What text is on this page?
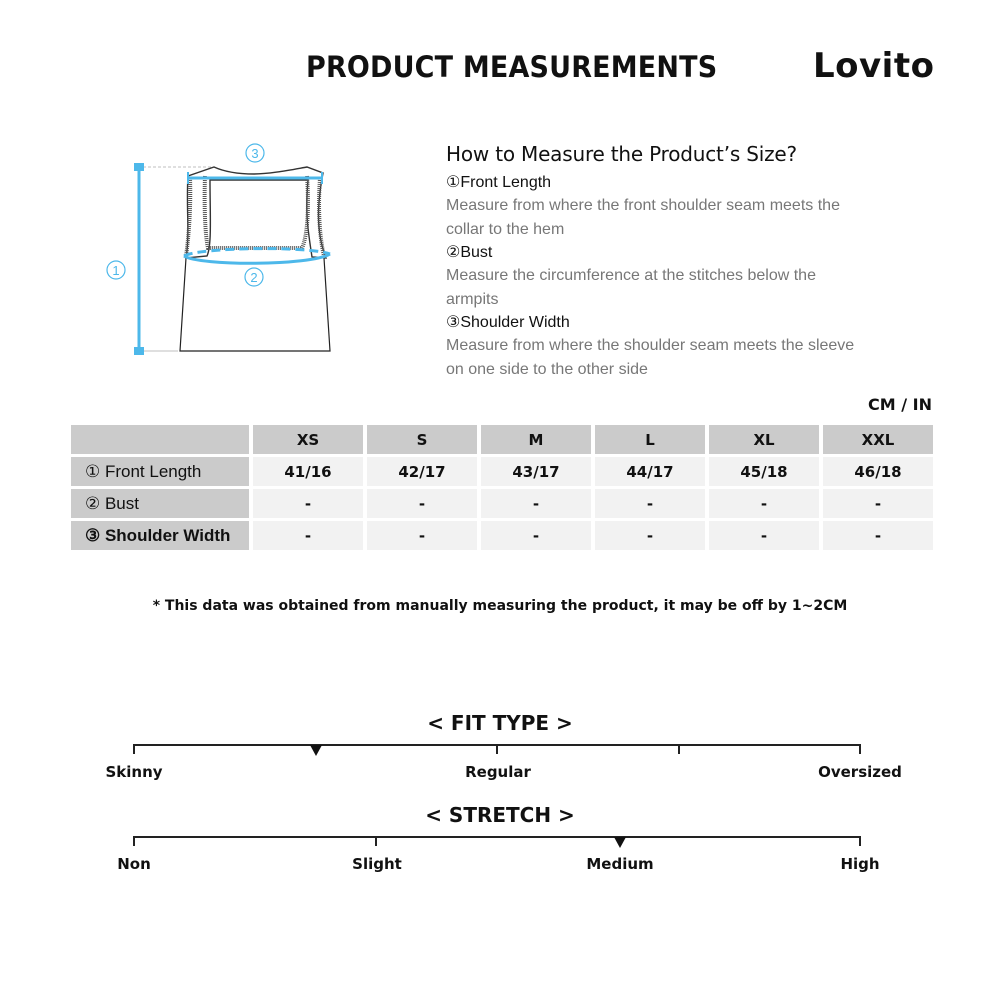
PRODUCT MEASUREMENTS	Lovito
1	2
3	How to Measure the Product’s Size?
①Front Length
Measure from where the front shoulder seam meets the
collar to the hem
②Bust
Measure the circumference at the stitches below the
armpits
③Shoulder Width
Measure from where the shoulder seam meets the sleeve
on one side to the other side
CM / IN
	XS	S	M	L	XL	XXL
① Front Length	41/16	42/17	43/17	44/17	45/18	46/18
② Bust	-	-	-	-	-	-
③ Shoulder Width	-	-	-	-	-	-
* This data was obtained from manually measuring the product, it may be off by 1~2CM
< FIT TYPE >
Skinny	Regular	Oversized
< STRETCH >
Non	Slight	Medium	High
